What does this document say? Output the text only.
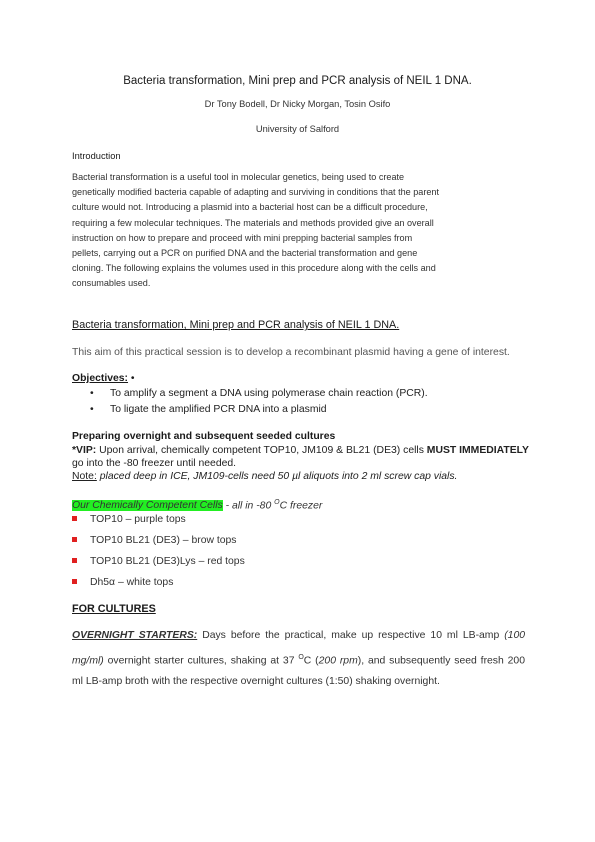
Bacteria transformation, Mini prep and PCR analysis of NEIL 1 DNA.
Dr Tony Bodell, Dr Nicky Morgan, Tosin Osifo
University of Salford
Introduction

Bacterial transformation is a useful tool in molecular genetics, being used to create
genetically modified bacteria capable of adapting and surviving in conditions that the parent
culture would not. Introducing a plasmid into a bacterial host can be a difficult procedure,
requiring a few molecular techniques. The materials and methods provided give an overall
instruction on how to prepare and proceed with mini prepping bacterial samples from
pellets, carrying out a PCR on purified DNA and the bacterial transformation and gene
cloning. The following explains the volumes used in this procedure along with the cells and
consumables used.

Bacteria transformation, Mini prep and PCR analysis of NEIL 1 DNA.

This aim of this practical session is to develop a recombinant plasmid having a gene of interest.

Objectives: •
• To amplify a segment a DNA using polymerase chain reaction (PCR).
• To ligate the amplified PCR DNA into a plasmid
Preparing overnight and subsequent seeded cultures

*VIP: Upon arrival, chemically competent TOP10, JM109 & BL21 (DE3) cells MUST IMMEDIATELY go into the -80 freezer until needed.

Note: placed deep in ICE, JM109-cells need 50 µl aliquots into 2 ml screw cap vials.
Our Chemically Competent Cells - all in -80 $^O$C freezer
TOP10 – purple tops
TOP10 BL21 (DE3) – brow tops
TOP10 BL21 (DE3)Lys – red tops
Dh5α – white tops
FOR CULTURES

OVERNIGHT STARTERS: Days before the practical, make up respective 10 ml LB-amp (100 mg/ml) overnight starter cultures, shaking at 37 $^O$C (200 rpm), and subsequently seed fresh 200 ml LB-amp broth with the respective overnight cultures (1:50) shaking overnight.
